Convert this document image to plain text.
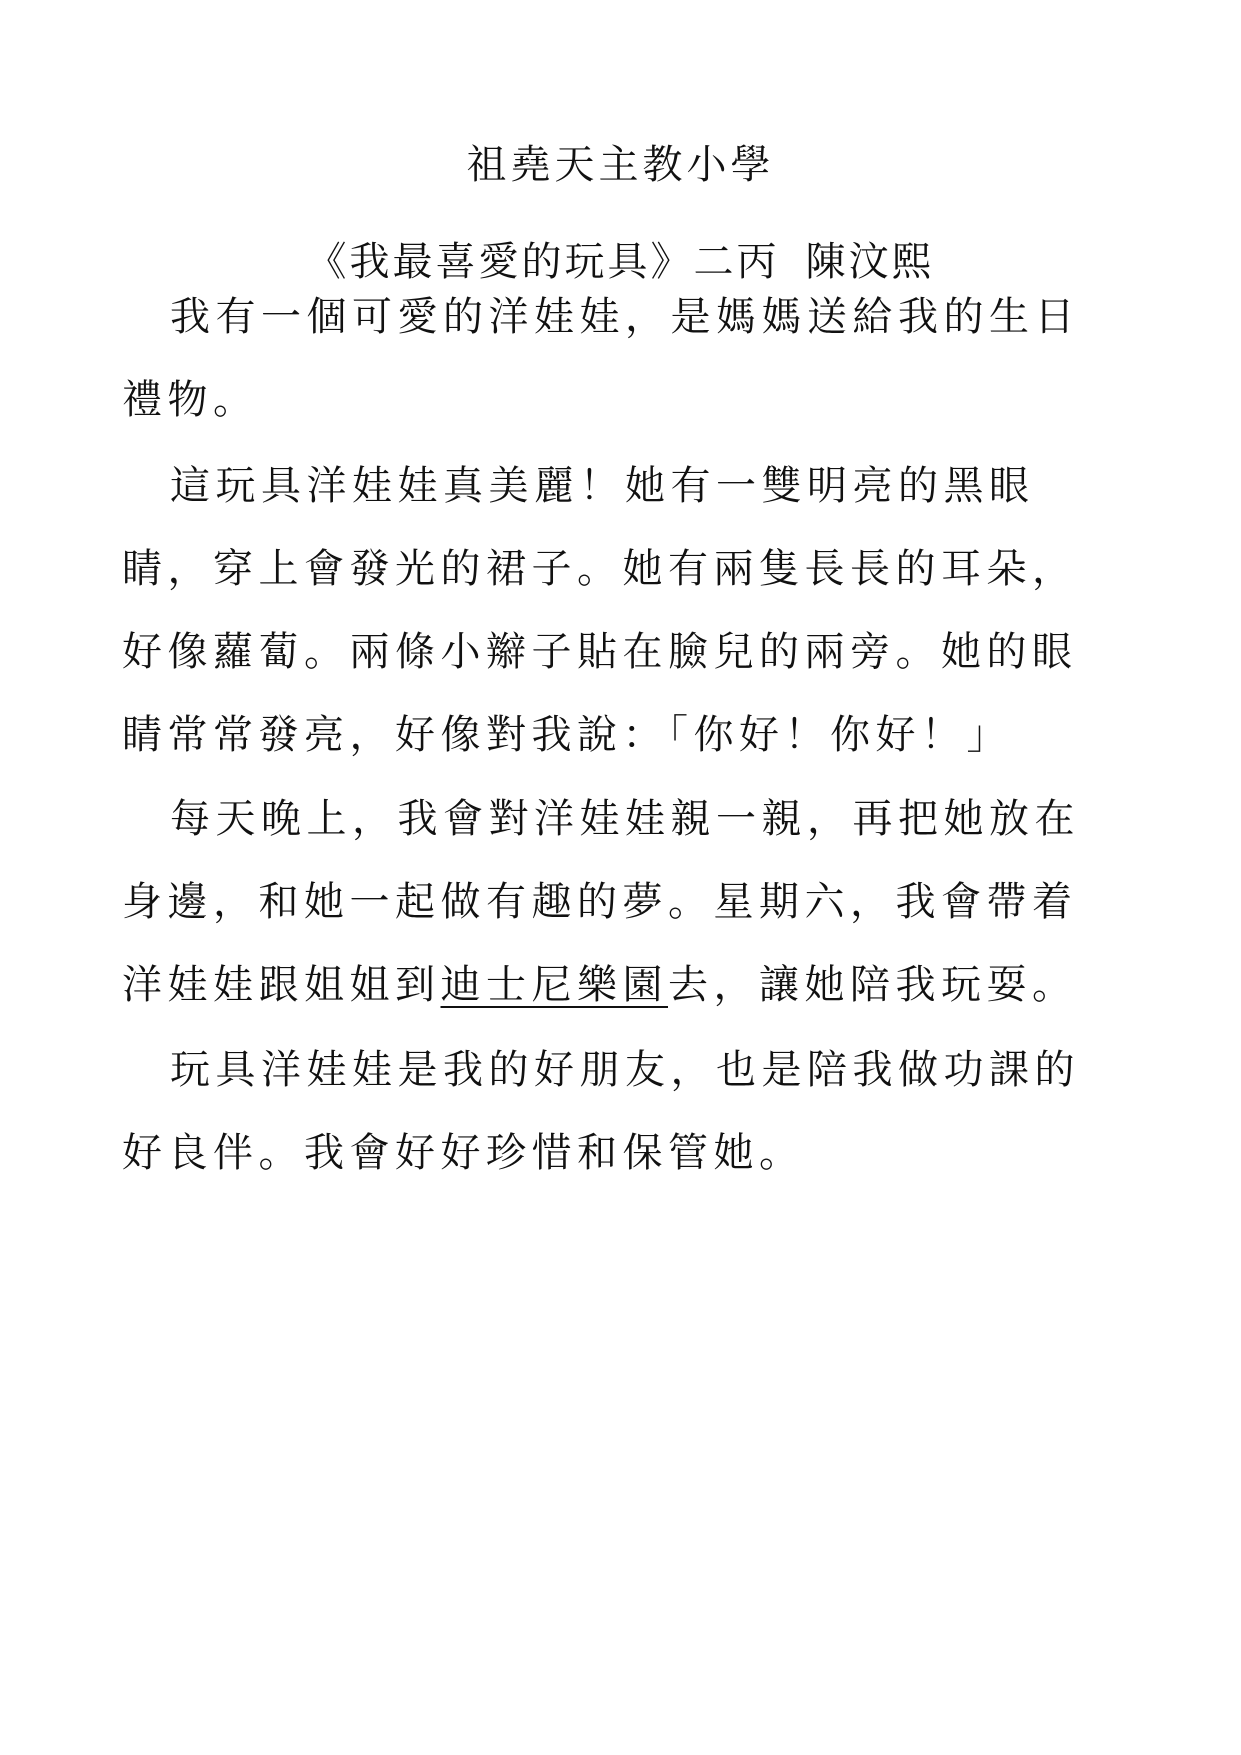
祖堯天主教小學
《我最喜愛的玩具》二丙 陳汶熙

我有一個可愛的洋娃娃，是媽媽送給我的生日

禮物。

這玩具洋娃娃真美麗！她有一雙明亮的黑眼

睛，穿上會發光的裙子。她有兩隻長長的耳朵，

好像蘿蔔。兩條小辮子貼在臉兒的兩旁。她的眼

睛常常發亮，好像對我說：「你好！你好！」

每天晚上，我會對洋娃娃親一親，再把她放在

身邊，和她一起做有趣的夢。星期六，我會帶着

洋娃娃跟姐姐到迪士尼樂園去，讓她陪我玩耍。

玩具洋娃娃是我的好朋友，也是陪我做功課的

好良伴。我會好好珍惜和保管她。
